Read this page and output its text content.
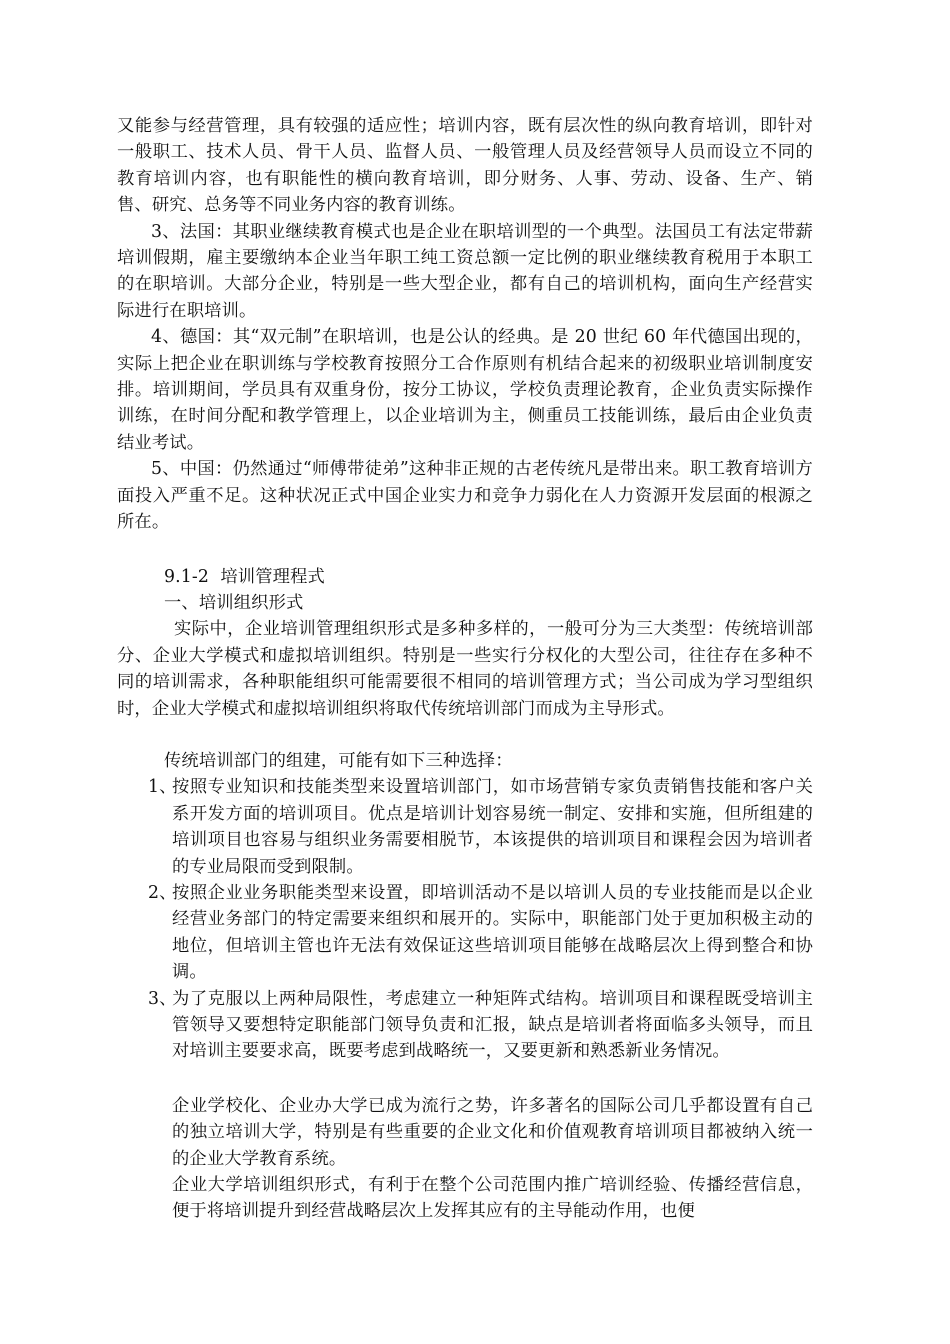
又能参与经营管理，具有较强的适应性；培训内容，既有层次性的纵向教育培训，即针对一般职工、技术人员、骨干人员、监督人员、一般管理人员及经营领导人员而设立不同的教育培训内容，也有职能性的横向教育培训，即分财务、人事、劳动、设备、生产、销售、研究、总务等不同业务内容的教育训练。

3、法国：其职业继续教育模式也是企业在职培训型的一个典型。法国员工有法定带薪培训假期，雇主要缴纳本企业当年职工纯工资总额一定比例的职业继续教育税用于本职工的在职培训。大部分企业，特别是一些大型企业，都有自己的培训机构，面向生产经营实际进行在职培训。

4、德国：其“双元制”在职培训，也是公认的经典。是 20 世纪 60 年代德国出现的，实际上把企业在职训练与学校教育按照分工合作原则有机结合起来的初级职业培训制度安排。培训期间，学员具有双重身份，按分工协议，学校负责理论教育，企业负责实际操作训练，在时间分配和教学管理上，以企业培训为主，侧重员工技能训练，最后由企业负责结业考试。

5、中国：仍然通过“师傅带徒弟”这种非正规的古老传统凡是带出来。职工教育培训方面投入严重不足。这种状况正式中国企业实力和竞争力弱化在人力资源开发层面的根源之所在。

9.1-2  培训管理程式

一、培训组织形式

实际中，企业培训管理组织形式是多种多样的，一般可分为三大类型：传统培训部分、企业大学模式和虚拟培训组织。特别是一些实行分权化的大型公司，往往存在多种不同的培训需求，各种职能组织可能需要很不相同的培训管理方式；当公司成为学习型组织时，企业大学模式和虚拟培训组织将取代传统培训部门而成为主导形式。

传统培训部门的组建，可能有如下三种选择：

1、

按照专业知识和技能类型来设置培训部门，如市场营销专家负责销售技能和客户关系开发方面的培训项目。优点是培训计划容易统一制定、安排和实施，但所组建的培训项目也容易与组织业务需要相脱节，本该提供的培训项目和课程会因为培训者的专业局限而受到限制。

2、

按照企业业务职能类型来设置，即培训活动不是以培训人员的专业技能而是以企业经营业务部门的特定需要来组织和展开的。实际中，职能部门处于更加积极主动的地位，但培训主管也许无法有效保证这些培训项目能够在战略层次上得到整合和协调。

3、

为了克服以上两种局限性，考虑建立一种矩阵式结构。培训项目和课程既受培训主管领导又要想特定职能部门领导负责和汇报，缺点是培训者将面临多头领导，而且对培训主要要求高，既要考虑到战略统一，又要更新和熟悉新业务情况。

企业学校化、企业办大学已成为流行之势，许多著名的国际公司几乎都设置有自己的独立培训大学，特别是有些重要的企业文化和价值观教育培训项目都被纳入统一的企业大学教育系统。

企业大学培训组织形式，有利于在整个公司范围内推广培训经验、传播经营信息，便于将培训提升到经营战略层次上发挥其应有的主导能动作用，也便
